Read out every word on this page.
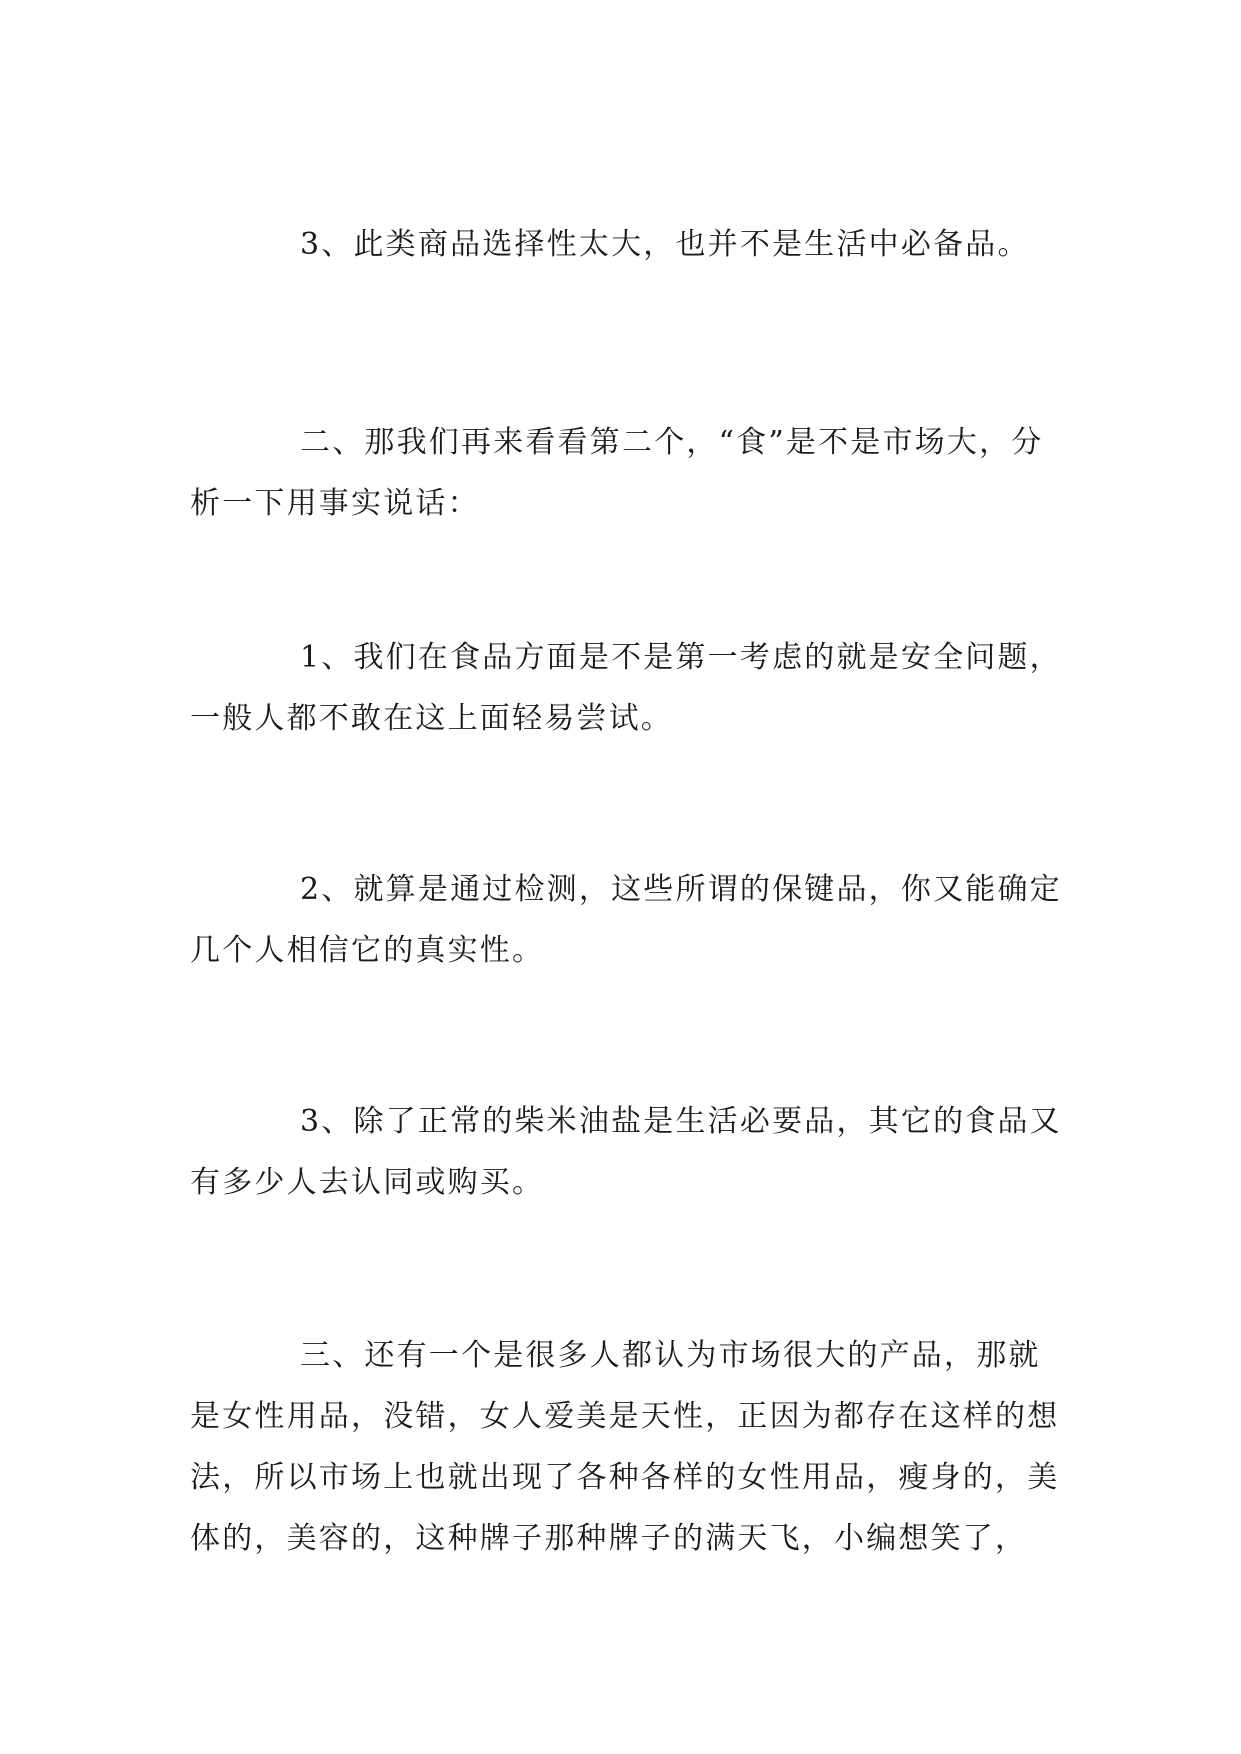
3、此类商品选择性太大，也并不是生活中必备品。

二、那我们再来看看第二个，“食”是不是市场大，分析一下用事实说话：

1、我们在食品方面是不是第一考虑的就是安全问题，一般人都不敢在这上面轻易尝试。

2、就算是通过检测，这些所谓的保键品，你又能确定几个人相信它的真实性。

3、除了正常的柴米油盐是生活必要品，其它的食品又有多少人去认同或购买。

三、还有一个是很多人都认为市场很大的产品，那就是女性用品，没错，女人爱美是天性，正因为都存在这样的想法，所以市场上也就出现了各种各样的女性用品，瘦身的，美体的，美容的，这种牌子那种牌子的满天飞，小编想笑了，
